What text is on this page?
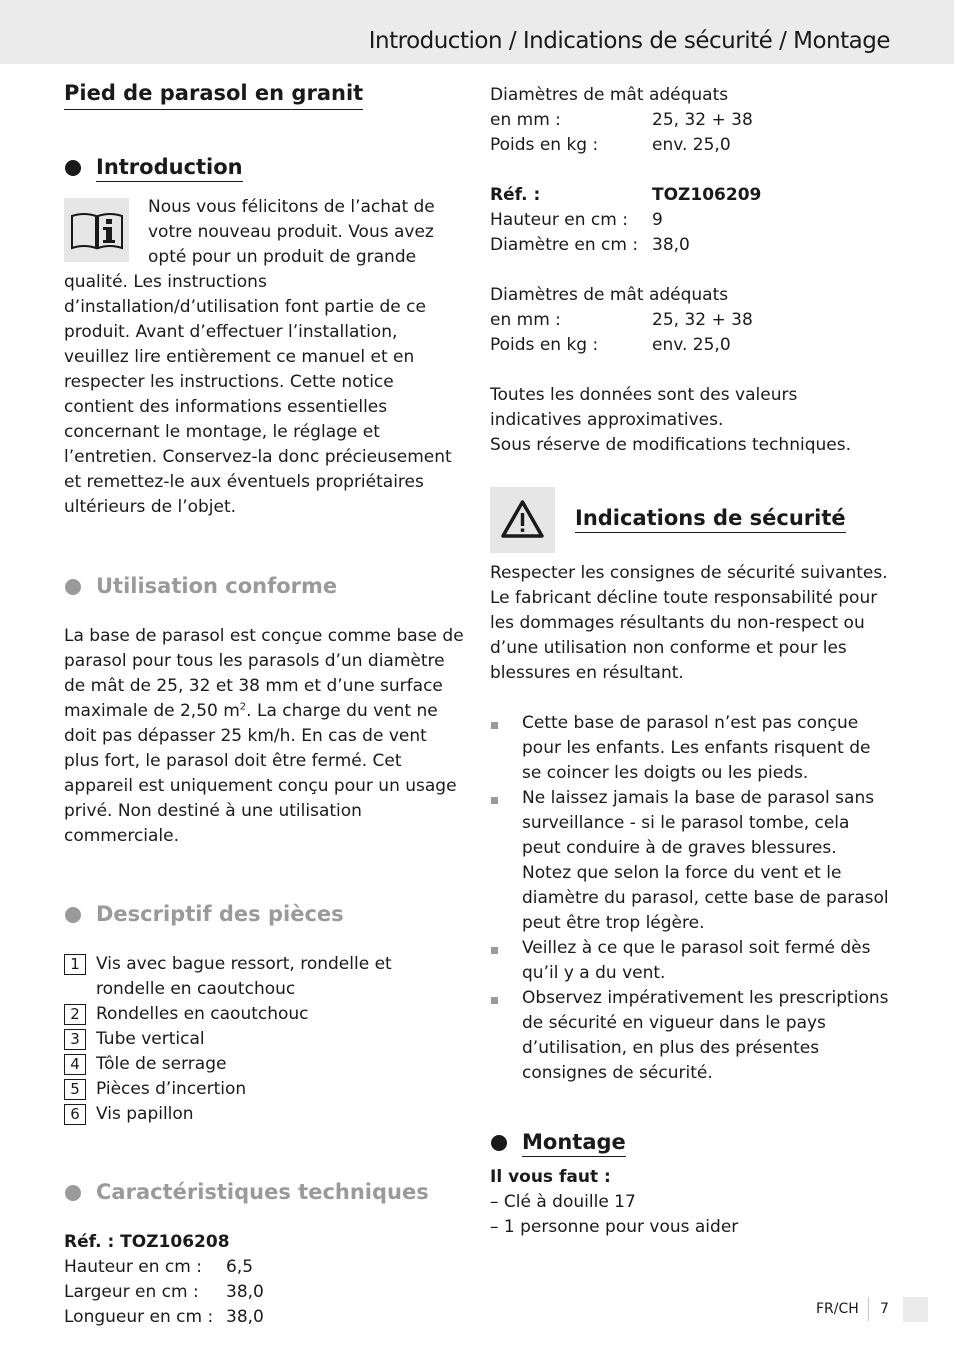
Introduction / Indications de sécurité / Montage
Pied de parasol en granit
Introduction
Nous vous félicitons de l’achat de votre nouveau produit. Vous avez opté pour un produit de grande qualité. Les instructions d’installation/d’utilisation font partie de ce produit. Avant d’effectuer l’installation, veuillez lire entièrement ce manuel et en respecter les instructions. Cette notice contient des informations essentielles concernant le montage, le réglage et l’entretien. Conservez-la donc précieusement et remettez-le aux éventuels propriétaires ultérieurs de l’objet.
Utilisation conforme
La base de parasol est conçue comme base de parasol pour tous les parasols d’un diamètre de mât de 25, 32 et 38 mm et d’une surface maximale de 2,50 $m^2$. La charge du vent ne doit pas dépasser 25 km/h. En cas de vent plus fort, le parasol doit être fermé. Cet appareil est uniquement conçu pour un usage privé. Non destiné à une utilisation commerciale.
Descriptif des pièces
1 Vis avec bague ressort, rondelle et rondelle en caoutchouc
2 Rondelles en caoutchouc
3 Tube vertical
4 Tôle de serrage
5 Pièces d’incertion
6 Vis papillon
Caractéristiques techniques
Réf. : TOZ106208
Hauteur en cm :	6,5
Largeur en cm :	38,0
Longueur en cm : 38,0
Diamètres de mât adéquats
en mm :	25, 32 + 38
Poids en kg :	env. 25,0
Réf. :	TOZ106209
Hauteur en cm :	9
Diamètre en cm : 38,0
Diamètres de mât adéquats
en mm :	25, 32 + 38
Poids en kg :	env. 25,0
Toutes les données sont des valeurs indicatives approximatives.
Sous réserve de modifications techniques.
Indications de sécurité
Respecter les consignes de sécurité suivantes. Le fabricant décline toute responsabilité pour les dommages résultants du non-respect ou d’une utilisation non conforme et pour les blessures en résultant.
Cette base de parasol n’est pas conçue pour les enfants. Les enfants risquent de se coincer les doigts ou les pieds.
Ne laissez jamais la base de parasol sans surveillance - si le parasol tombe, cela peut conduire à de graves blessures. Notez que selon la force du vent et le diamètre du parasol, cette base de parasol peut être trop légère.
Veillez à ce que le parasol soit fermé dès qu’il y a du vent.
Observez impérativement les prescriptions de sécurité en vigueur dans le pays d’utilisation, en plus des présentes consignes de sécurité.
Montage
Il vous faut :
– Clé à douille 17
– 1 personne pour vous aider
FR/CH 7
